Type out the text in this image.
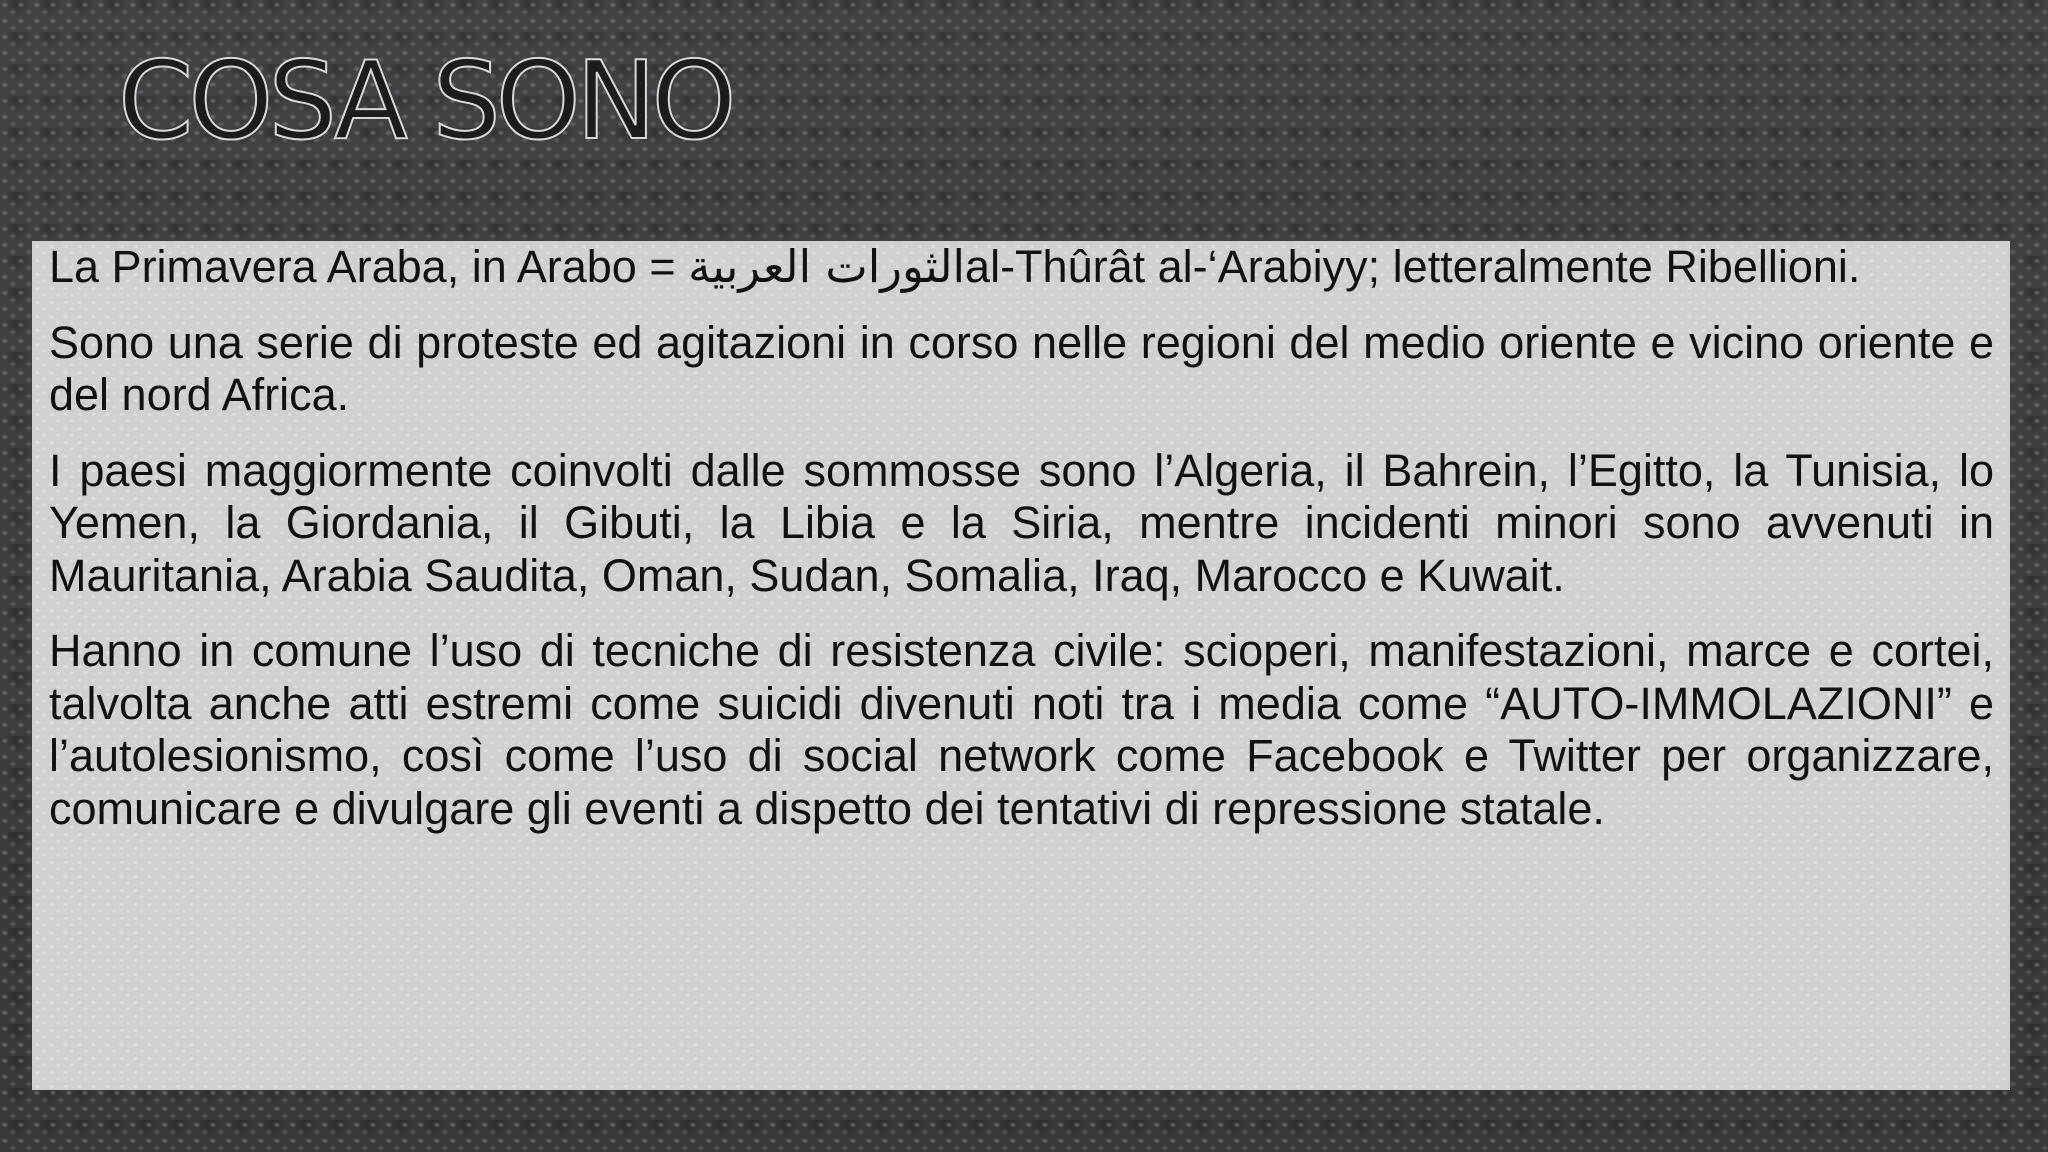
COSA SONO

La Primavera Araba, in Arabo = الثورات العربيةal-Thûrât al-‘Arabiyy; letteralmente Ribellioni.

Sono una serie di proteste ed agitazioni in corso nelle regioni del medio oriente e vicino oriente e del nord Africa.

I paesi maggiormente coinvolti dalle sommosse sono l’Algeria, il Bahrein, l’Egitto, la Tunisia, lo Yemen, la Giordania, il Gibuti, la Libia e la Siria, mentre incidenti minori sono avvenuti in Mauritania, Arabia Saudita, Oman, Sudan, Somalia, Iraq, Marocco e Kuwait.

Hanno in comune l’uso di tecniche di resistenza civile: scioperi, manifestazioni, marce e cortei, talvolta anche atti estremi come suicidi divenuti noti tra i media come “AUTO-IMMOLAZIONI” e l’autolesionismo, così come l’uso di social network come Facebook e Twitter per organizzare, comunicare e divulgare gli eventi a dispetto dei tentativi di repressione statale.
